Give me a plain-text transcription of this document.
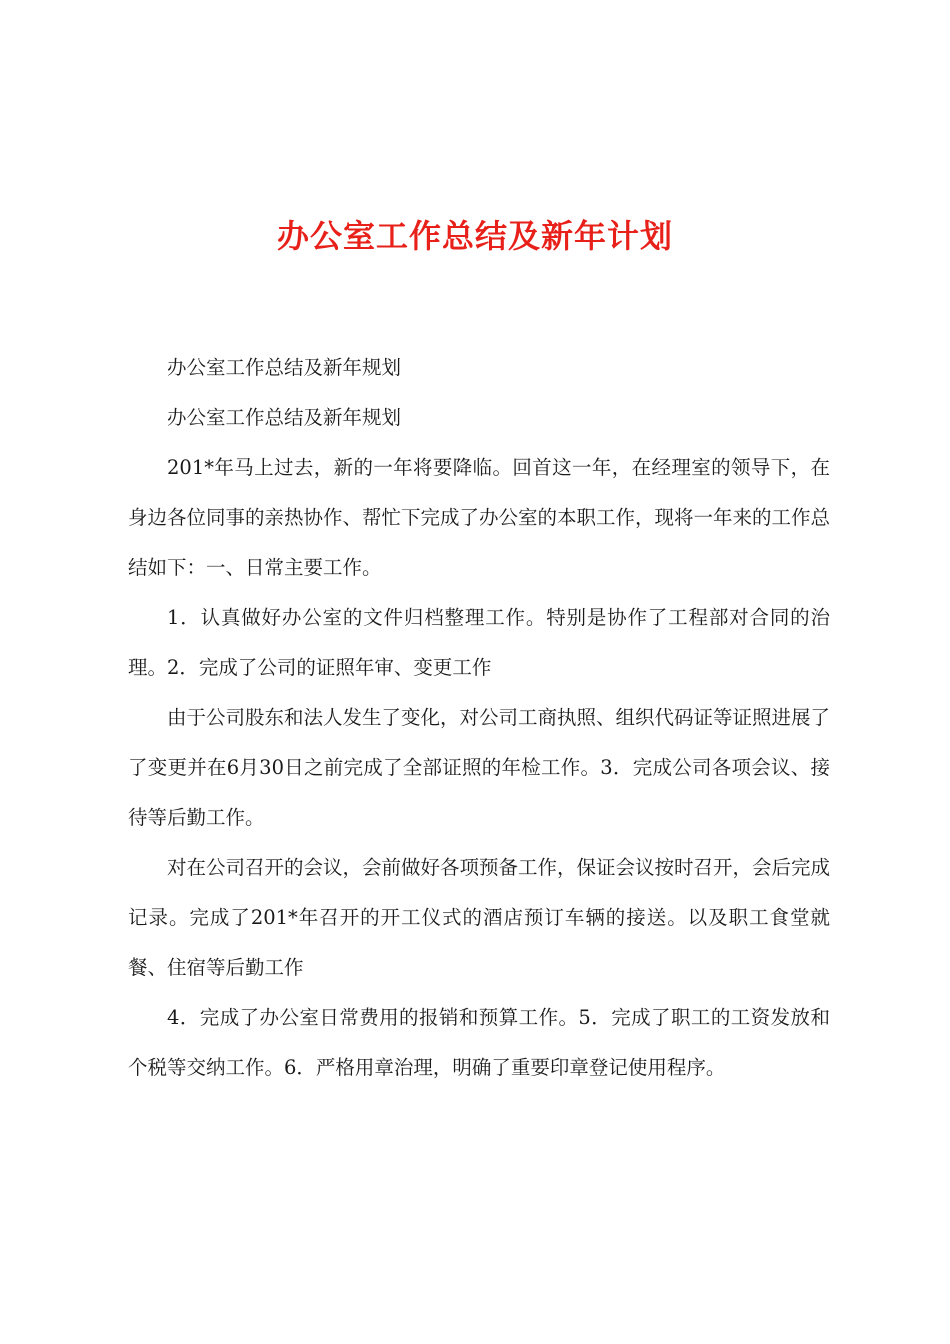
办公室工作总结及新年计划

办公室工作总结及新年规划

办公室工作总结及新年规划

201*年马上过去，新的一年将要降临。回首这一年，在经理室的领导下，在身边各位同事的亲热协作、帮忙下完成了办公室的本职工作，现将一年来的工作总结如下：一、日常主要工作。

1．认真做好办公室的文件归档整理工作。特别是协作了工程部对合同的治理。2．完成了公司的证照年审、变更工作

由于公司股东和法人发生了变化，对公司工商执照、组织代码证等证照进展了了变更并在6月30日之前完成了全部证照的年检工作。3．完成公司各项会议、接待等后勤工作。

对在公司召开的会议，会前做好各项预备工作，保证会议按时召开，会后完成记录。完成了201*年召开的开工仪式的酒店预订车辆的接送。以及职工食堂就餐、住宿等后勤工作

4．完成了办公室日常费用的报销和预算工作。5．完成了职工的工资发放和个税等交纳工作。6．严格用章治理，明确了重要印章登记使用程序。
